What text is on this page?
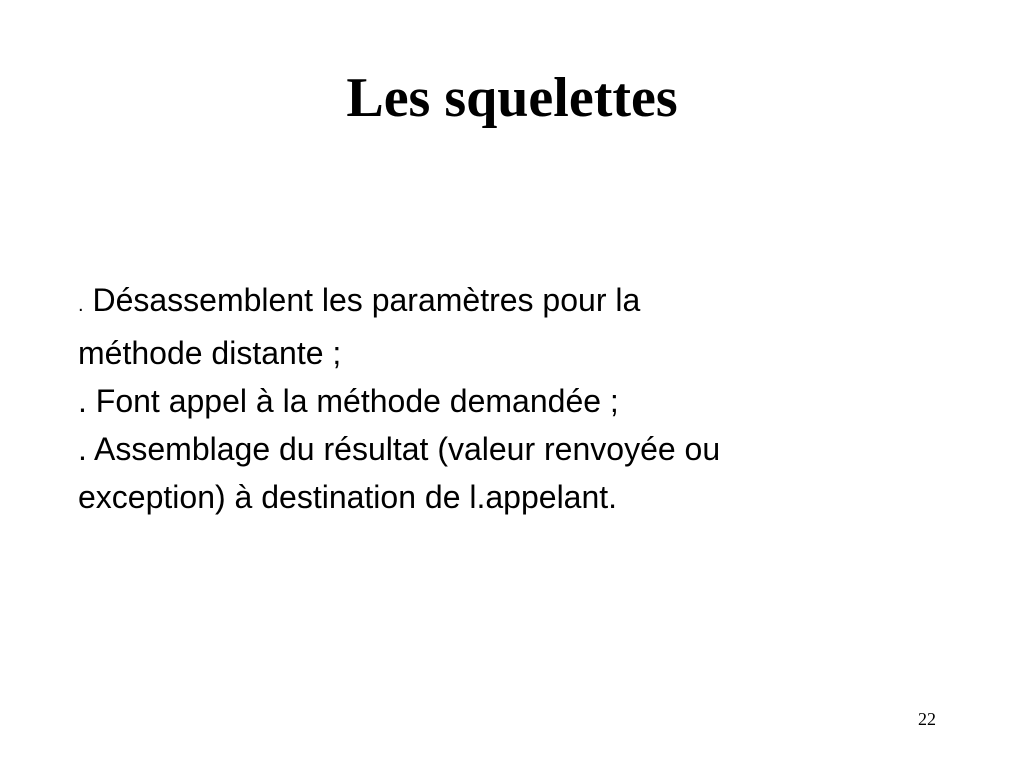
Les squelettes
. Désassemblent les paramètres pour la
méthode distante ;
. Font appel à la méthode demandée ;
. Assemblage du résultat (valeur renvoyée ou
exception) à destination de l.appelant.
22
